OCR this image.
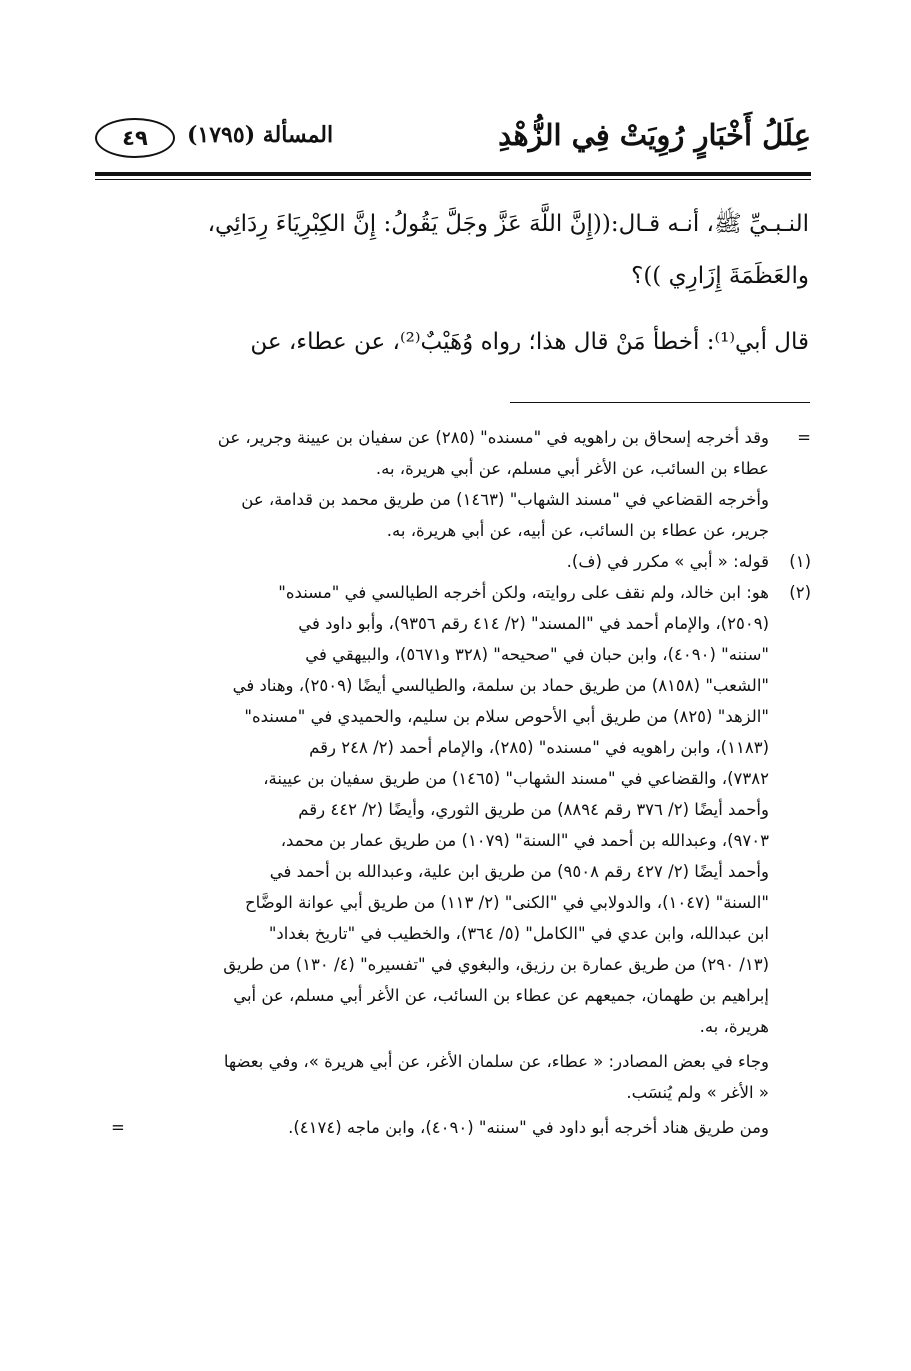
عِلَلُ أَخْبَارٍ رُوِيَتْ فِي الزُّهْدِ
المسألة (١٧٩٥)
٤٩
النـبـيِّ ﷺ، أنـه قـال:((إِنَّ اللَّهَ عَزَّ وجَلَّ يَقُولُ: إِنَّ الكِبْرِيَاءَ رِدَائِي،
والعَظَمَةَ إِزَارِي ))؟
قال أبي⁽¹⁾: أخطأ مَنْ قال هذا؛ رواه وُهَيْبٌ⁽²⁾، عن عطاء، عن
=
وقد أخرجه إسحاق بن راهويه في "مسنده" (٢٨٥) عن سفيان بن عيينة وجرير، عن
عطاء بن السائب، عن الأغر أبي مسلم، عن أبي هريرة، به.
وأخرجه القضاعي في "مسند الشهاب" (١٤٦٣) من طريق محمد بن قدامة، عن
جرير، عن عطاء بن السائب، عن أبيه، عن أبي هريرة، به.
(١)
قوله: « أبي » مكرر في (ف).
(٢)
هو: ابن خالد، ولم نقف على روايته، ولكن أخرجه الطيالسي في "مسنده"
(٢٥٠٩)، والإمام أحمد في "المسند" (٢/ ٤١٤ رقم ٩٣٥٦)، وأبو داود في
"سننه" (٤٠٩٠)، وابن حبان في "صحيحه" (٣٢٨ و٥٦٧١)، والبيهقي في
"الشعب" (٨١٥٨) من طريق حماد بن سلمة، والطيالسي أيضًا (٢٥٠٩)، وهناد في
"الزهد" (٨٢٥) من طريق أبي الأحوص سلام بن سليم، والحميدي في "مسنده"
(١١٨٣)، وابن راهويه في "مسنده" (٢٨٥)، والإمام أحمد (٢/ ٢٤٨ رقم
٧٣٨٢)، والقضاعي في "مسند الشهاب" (١٤٦٥) من طريق سفيان بن عيينة،
وأحمد أيضًا (٢/ ٣٧٦ رقم ٨٨٩٤) من طريق الثوري، وأيضًا (٢/ ٤٤٢ رقم
٩٧٠٣)، وعبدالله بن أحمد في "السنة" (١٠٧٩) من طريق عمار بن محمد،
وأحمد أيضًا (٢/ ٤٢٧ رقم ٩٥٠٨) من طريق ابن علية، وعبدالله بن أحمد في
"السنة" (١٠٤٧)، والدولابي في "الكنى" (٢/ ١١٣) من طريق أبي عوانة الوضَّاح
ابن عبدالله، وابن عدي في "الكامل" (٥/ ٣٦٤)، والخطيب في "تاريخ بغداد"
(١٣/ ٢٩٠) من طريق عمارة بن رزيق، والبغوي في "تفسيره" (٤/ ١٣٠) من طريق
إبراهيم بن طهمان، جميعهم عن عطاء بن السائب، عن الأغر أبي مسلم، عن أبي
هريرة، به.
وجاء في بعض المصادر: « عطاء، عن سلمان الأغر، عن أبي هريرة »، وفي بعضها
« الأغر » ولم يُنسَب.
ومن طريق هناد أخرجه أبو داود في "سننه" (٤٠٩٠)، وابن ماجه (٤١٧٤).
=
